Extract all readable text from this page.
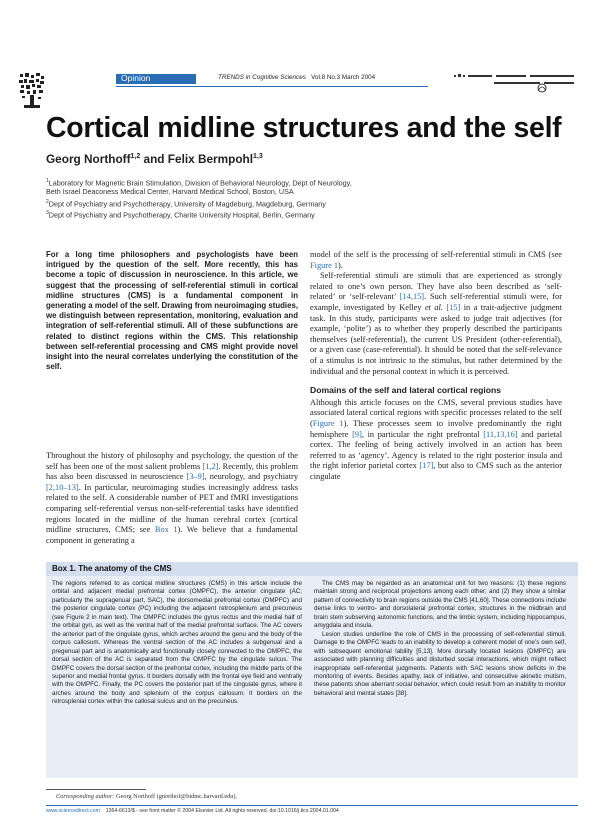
Opinion	TRENDS in Cognitive Sciences Vol.8 No.3 March 2004
Cortical midline structures and the self
Georg Northoff$^{1,2}$ and Felix Bermpohl$^{1,3}$
$^1$Laboratory for Magnetic Brain Stimulation, Division of Behavioral Neurology, Dept of Neurology,
Beth Israel Deaconess Medical Center, Harvard Medical School, Boston, USA
$^2$Dept of Psychiatry and Psychotherapy, University of Magdeburg, Magdeburg, Germany
$^3$Dept of Psychiatry and Psychotherapy, Charite University Hospital, Berlin, Germany

For a long time philosophers and psychologists have been intrigued by the question of the self. More recently, this has become a topic of discussion in neuroscience. In this article, we suggest that the processing of self-referential stimuli in cortical midline structures (CMS) is a fundamental component in generating a model of the self. Drawing from neuroimaging studies, we distinguish between representation, monitoring, evaluation and integration of self-referential stimuli. All of these subfunctions are related to distinct regions within the CMS. This relationship between self-referential processing and CMS might provide novel insight into the neural correlates underlying the constitution of the self.

Throughout the history of philosophy and psychology, the question of the self has been one of the most salient problems [1,2]. Recently, this problem has also been discussed in neuroscience [3–9], neurology, and psychiatry [2,10–13]. In particular, neuroimaging studies increasingly address tasks related to the self. A considerable number of PET and fMRI investigations comparing self-referential versus non-self-referential tasks have identified regions located in the midline of the human cerebral cortex (cortical midline structures, CMS; see Box 1). We believe that a fundamental component in generating a

model of the self is the processing of self-referential stimuli in CMS (see Figure 1).

Self-referential stimuli are stimuli that are experienced as strongly related to one’s own person. They have also been described as ‘self-related’ or ‘self-relevant’ [14,15]. Such self-referential stimuli were, for example, investigated by Kelley et al. [15] in a trait-adjective judgment task. In this study, participants were asked to judge trait adjectives (for example, ‘polite’) as to whether they properly described the participants themselves (self-referential), the current US President (other-referential), or a given case (case-referential). It should be noted that the self-relevance of a stimulus is not intrinsic to the stimulus, but rather determined by the individual and the personal context in which it is perceived.

Domains of the self and lateral cortical regions

Although this article focuses on the CMS, several previous studies have associated lateral cortical regions with specific processes related to the self (Figure 1). These processes seem to involve predominantly the right hemisphere [9], in particular the right prefrontal [11,13,16] and parietal cortex. The feeling of being actively involved in an action has been referred to as ‘agency’. Agency is related to the right posterior insula and the right inferior parietal cortex [17], but also to CMS such as the anterior cingulate

Box 1. The anatomy of the CMS

The regions referred to as cortical midline structures (CMS) in this article include the orbital and adjacent medial prefrontal cortex (OMPFC), the anterior cingulate (AC; particularly the supragenual part, SAC), the dorsomedial prefrontal cortex (DMPFC) and the posterior cingulate cortex (PC) including the adjacent retrosplenium and precuneus (see Figure 2 in main text). The OMPFC includes the gyrus rectus and the medial half of the orbital gyri, as well as the ventral half of the medial prefrontal surface. The AC covers the anterior part of the cingulate gyrus, which arches around the genu and the body of the corpus callosum. Whereas the ventral section of the AC includes a subgenual and a pregenual part and is anatomically and functionally closely connected to the OMPFC, the dorsal section of the AC is separated from the OMPFC by the cingulate sulcus. The DMPFC covers the dorsal section of the prefrontal cortex, including the middle parts of the superior and medial frontal gyrus. It borders dorsally with the frontal eye field and ventrally with the OMPFC. Finally, the PC covers the posterior part of the cingulate gyrus, where it arches around the body and splenium of the corpus callosum. It borders on the retrosplenial cortex within the callosal sulcus and on the precuneus.

The CMS may be regarded as an anatomical unit for two reasons: (1) these regions maintain strong and reciprocal projections among each other; and (2) they show a similar pattern of connectivity to brain regions outside the CMS [41,60]. These connections include dense links to ventro- and dorsolateral prefrontal cortex, structures in the midbrain and brain stem subserving autonomic functions, and the limbic system, including hippocampus, amygdala and insula.
Lesion studies underline the role of CMS in the processing of self-referential stimuli. Damage to the OMPFC leads to an inability to develop a coherent model of one’s own self, with subsequent emotional lability [5,13]. More dorsally located lesions (DMPFC) are associated with planning difficulties and disturbed social interactions, which might reflect inappropriate self-referential judgments. Patients with SAC lesions show deficits in the monitoring of events. Besides apathy, lack of initiative, and consecutive akinetic mutism, these patients show aberrant social behavior, which could result from an inability to monitor behavioral and mental states [38].
Corresponding author: Georg Northoff (gnorthof@bidmc.harvard.edu).
www.sciencedirect.com 1364-6613/$ - see front matter © 2004 Elsevier Ltd. All rights reserved. doi:10.1016/j.tics.2004.01.004
